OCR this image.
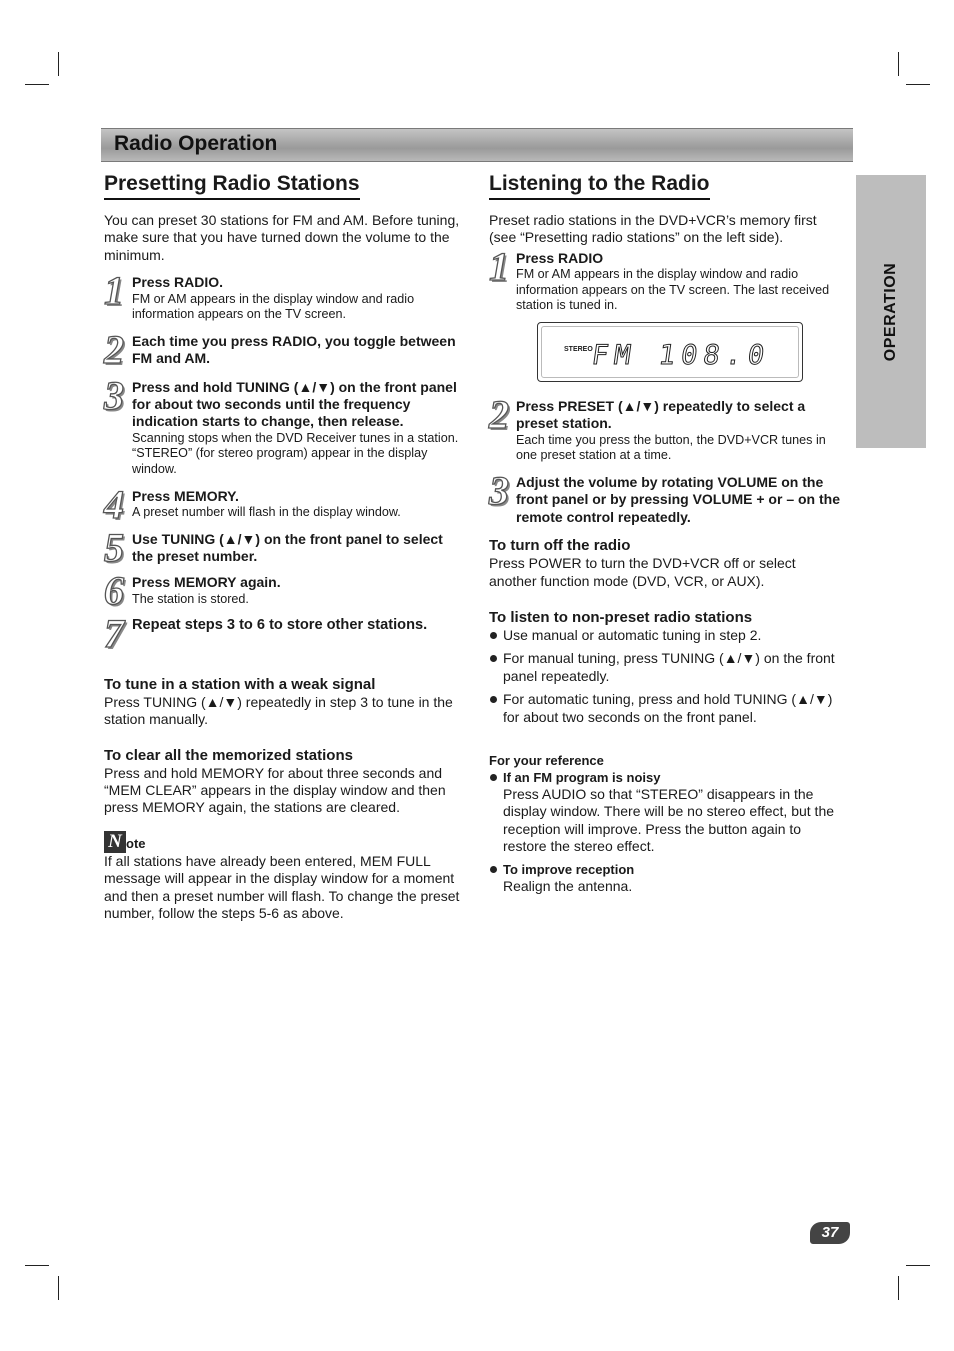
Radio Operation
OPERATION
Presetting Radio Stations

You can preset 30 stations for FM and AM. Before tuning, make sure that you have turned down the volume to the minimum.

1 Press RADIO.

FM or AM appears in the display window and radio information appears on the TV screen.

2 Each time you press RADIO, you toggle between FM and AM.

3 Press and hold TUNING (▲/▼) on the front panel for about two seconds until the frequency indication starts to change, then release.

Scanning stops when the DVD Receiver tunes in a station. “STEREO” (for stereo program) appear in the display window.

4 Press MEMORY.

A preset number will flash in the display window.

5 Use TUNING (▲/▼) on the front panel to select the preset number.

6 Press MEMORY again.

The station is stored.

7 Repeat steps 3 to 6 to store other stations.

To tune in a station with a weak signal

Press TUNING (▲/▼) repeatedly in step 3 to tune in the station manually.

To clear all the memorized stations

Press and hold MEMORY for about three seconds and “MEM CLEAR” appears in the display window and then press MEMORY again, the stations are cleared.

N ote

If all stations have already been entered, MEM FULL message will appear in the display window for a moment and then a preset number will flash. To change the preset number, follow the steps 5-6 as above.

Listening to the Radio

Preset radio stations in the DVD+VCR’s memory first (see “Presetting radio stations” on the left side).

1 Press RADIO

FM or AM appears in the display window and radio information appears on the TV screen. The last received station is tuned in.

STEREO
FM 108.0
2 Press PRESET (▲/▼) repeatedly to select a preset station.

Each time you press the button, the DVD+VCR tunes in one preset station at a time.

3 Adjust the volume by rotating VOLUME on the front panel or by pressing VOLUME + or – on the remote control repeatedly.

To turn off the radio

Press POWER to turn the DVD+VCR off or select another function mode (DVD, VCR, or AUX).

To listen to non-preset radio stations

Use manual or automatic tuning in step 2.

For manual tuning, press TUNING (▲/▼) on the front panel repeatedly.

For automatic tuning, press and hold TUNING (▲/▼) for about two seconds on the front panel.

For your reference

If an FM program is noisy

Press AUDIO so that “STEREO” disappears in the display window. There will be no stereo effect, but the reception will improve. Press the button again to restore the stereo effect.

To improve reception

Realign the antenna.

37
